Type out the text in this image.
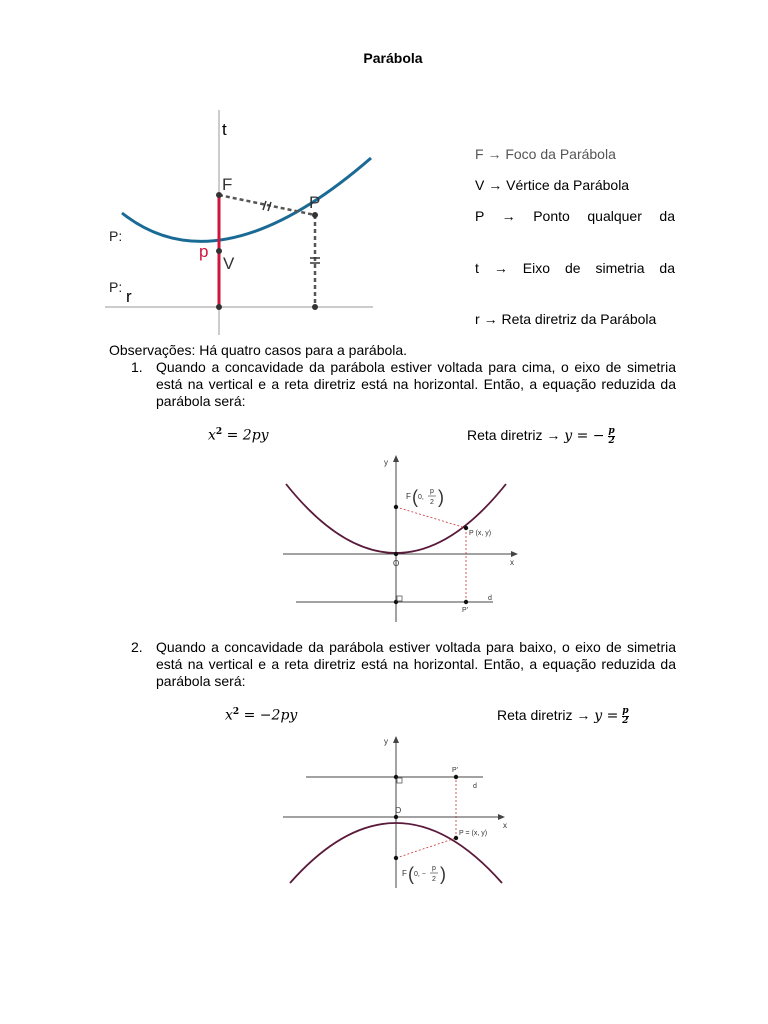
Parábola
t
F
P
p
V
r
P:
P:
F → Foco da Parábola
V → Vértice da Parábola
P → Ponto qualquer da
t → Eixo de simetria da
r → Reta diretriz da Parábola
Observações: Há quatro casos para a parábola.
1. Quando a concavidade da parábola estiver voltada para cima, o eixo de simetria está na vertical e a reta diretriz está na horizontal. Então, a equação reduzida da parábola será:
$x^2 = 2py$	Reta diretriz → y = − $\frac{p}{2}$
y
x
O
P (x, y)
P'
d
F ( 0,
p
2 )
2. Quando a concavidade da parábola estiver voltada para baixo, o eixo de simetria está na vertical e a reta diretriz está na horizontal. Então, a equação reduzida da parábola será:
$x^2 = -2py$	Reta diretriz → $y = \frac{p}{2}$
y
x
O
P = (x, y)
P'
d
F ( 0, −
p
2 )
